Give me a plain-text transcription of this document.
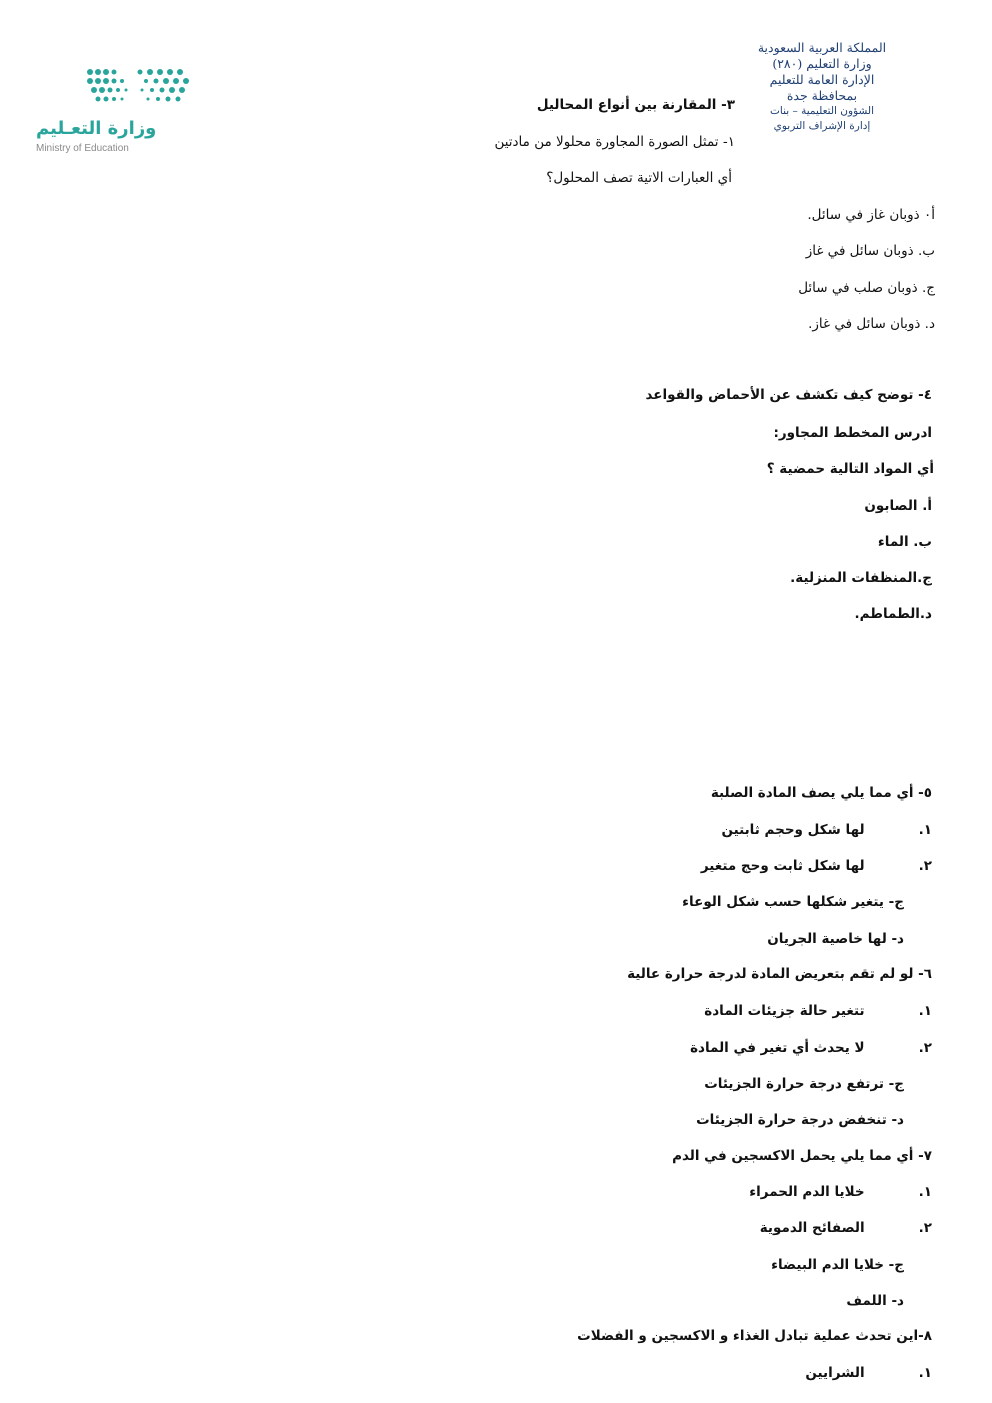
المملكة العربية السعودية
وزارة التعليم (٢٨٠)
الإدارة العامة للتعليم
بمحافظة جدة
الشؤون التعليمية – بنات
إدارة الإشراف التربوي
وزارة التعـليم
Ministry of Education
٣- المقارنة بين أنواع المحاليل
١- تمثل الصورة المجاورة محلولا من مادتين
أي العبارات الاتية تصف المحلول؟
أ٠ ذوبان غاز في سائل.
ب. ذوبان سائل في غاز
ج. ذوبان صلب في سائل
د. ذوبان سائل في غاز.
٤- توضح كيف تكشف عن الأحماض والقواعد
ادرس المخطط المجاور:
أي المواد التالية حمضية ؟
أ. الصابون
ب. الماء
ج.المنظفات المنزلية.
د.الطماطم.
٥- أي مما يلي يصف المادة الصلبة
١.  لها شكل وحجم ثابتين
٢.  لها شكل ثابت وحج متغير
ج- يتغير شكلها حسب شكل الوعاء
د- لها خاصية الجريان
٦- لو لم تقم بتعريض المادة لدرجة حرارة عالية
١.  تتغير حالة جزيئات المادة
٢.  لا يحدث أي تغير في المادة
ج- ترتفع درجة حرارة الجزيئات
د- تنخفض درجة حرارة الجزيئات
٧- أي مما يلي يحمل الاكسجين في الدم
١.  خلايا الدم الحمراء
٢.  الصفائح الدموية
ج- خلايا الدم البيضاء
د- اللمف
٨-اين تحدث عملية تبادل الغذاء و الاكسجين و الفضلات
١.  الشرايين
